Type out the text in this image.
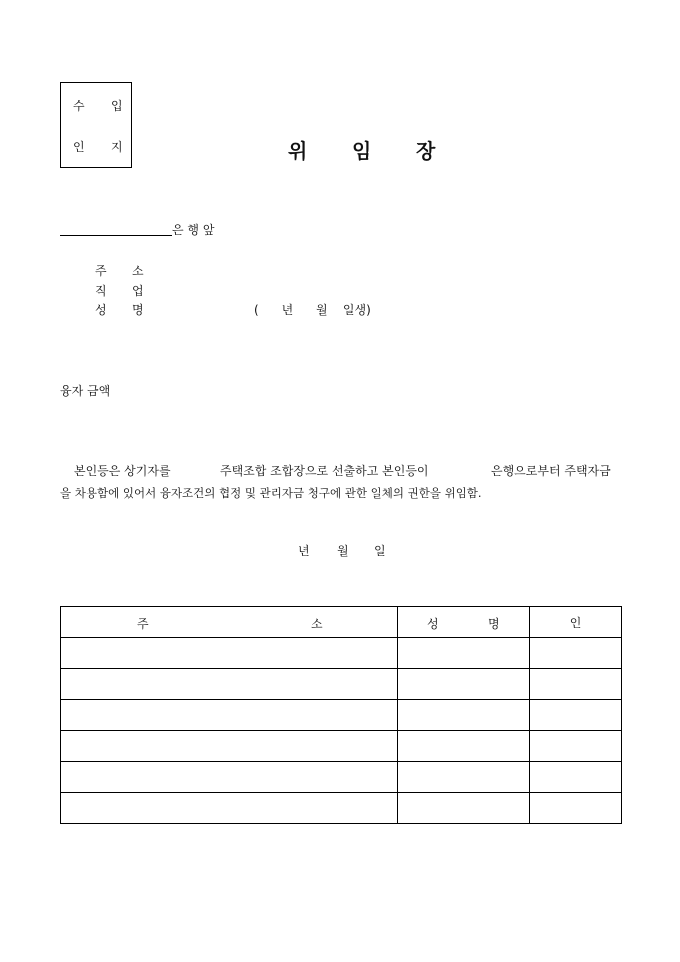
수 입
인 지	위 임 장
은 행 앞
주 소
직 업
성 명	(      년      월    일생)
융자 금액
본인등은 상기자를	주택조합 조합장으로 선출하고 본인등이	은행으로부터 주택자금
을 차용함에 있어서 융자조건의 협정 및 관리자금 청구에 관한 일체의 권한을 위임함.
년 월 일
주 소	성 명	인
